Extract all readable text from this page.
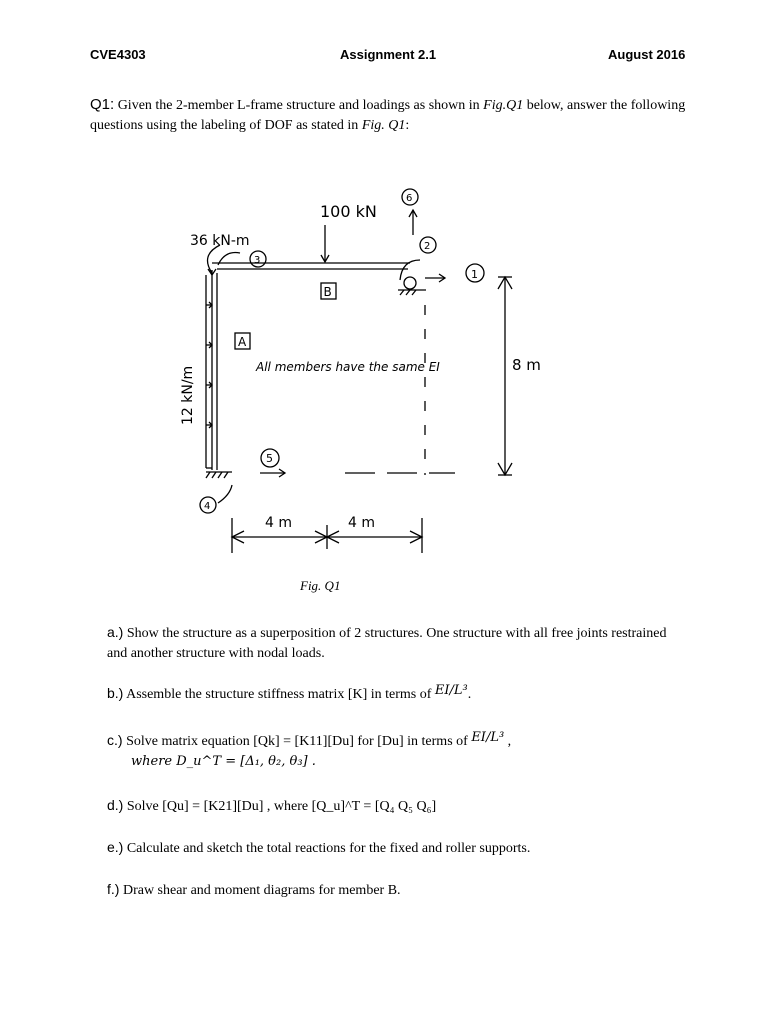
CVE4303	Assignment 2.1	August 2016
Q1: Given the 2-member L-frame structure and loadings as shown in Fig.Q1 below, answer the following questions using the labeling of DOF as stated in Fig. Q1:
100 kN
36 kN-m
12 kN/m
B
A
All members have the same EI	8 m
4 m	4 m
1
2
3
4
5
6
Fig. Q1
a.) Show the structure as a superposition of 2 structures. One structure with all free joints restrained and another structure with nodal loads.
b.) Assemble the structure stiffness matrix [K] in terms of EI/L³.
c.) Solve matrix equation [Qk] = [K11][Du] for [Du] in terms of EI/L³ ,
where D_u^T = [Δ₁, θ₂, θ₃] .
d.) Solve [Qu] = [K21][Du] , where [Q_u]^T = [Q₄ Q₅ Q₆]
e.) Calculate and sketch the total reactions for the fixed and roller supports.
f.) Draw shear and moment diagrams for member B.
